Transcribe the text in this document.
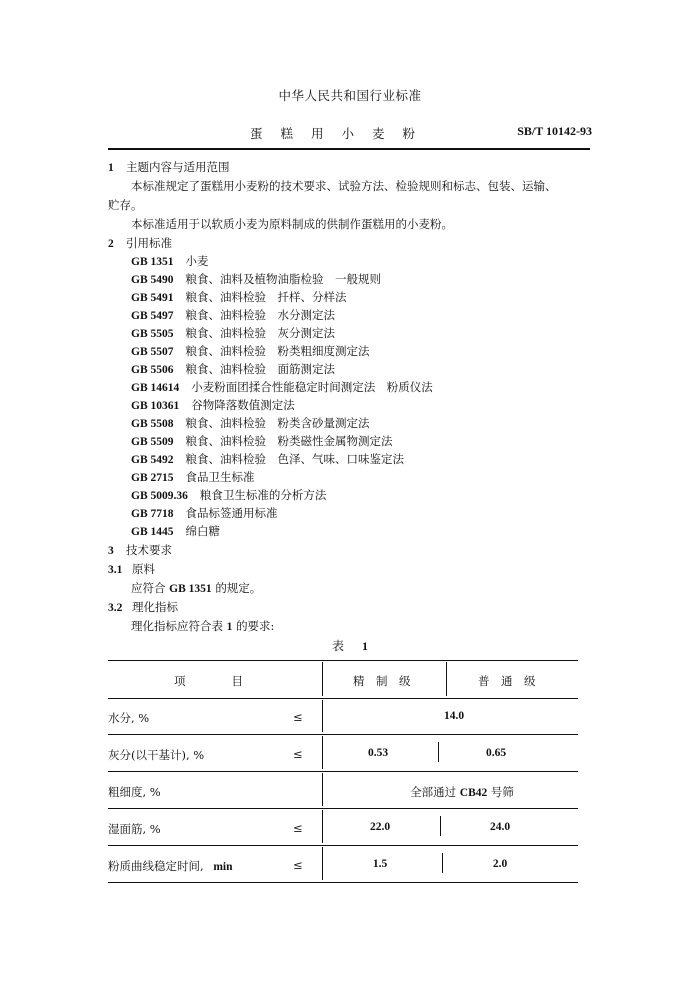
中华人民共和国行业标准
蛋糕用小麦粉	SB/T 10142-93
1 主题内容与适用范围
本标准规定了蛋糕用小麦粉的技术要求、试验方法、检验规则和标志、包装、运输、
贮存。
本标准适用于以软质小麦为原料制成的供制作蛋糕用的小麦粉。
2 引用标准
GB 1351 小麦
GB 5490 粮食、油料及植物油脂检验　一般规则
GB 5491 粮食、油料检验　扦样、分样法
GB 5497 粮食、油料检验　水分测定法
GB 5505 粮食、油料检验　灰分测定法
GB 5507 粮食、油料检验　粉类粗细度测定法
GB 5506 粮食、油料检验　面筋测定法
GB 14614 小麦粉面团揉合性能稳定时间测定法　粉质仪法
GB 10361 谷物降落数值测定法
GB 5508 粮食、油料检验　粉类含砂量测定法
GB 5509 粮食、油料检验　粉类磁性金属物测定法
GB 5492 粮食、油料检验　色泽、气味、口味鉴定法
GB 2715 食品卫生标准
GB 5009.36 粮食卫生标准的分析方法
GB 7718 食品标签通用标准
GB 1445 绵白糖
3 技术要求
3.1 原料
应符合 GB 1351 的规定。
3.2 理化指标
理化指标应符合表 1 的要求:
表 1
项　　　　目	精　制　级	普　通　级
水分, %	≤	14.0
灰分(以干基计), %	≤	0.53	0.65
粗细度, %	全部通过 CB42 号筛
湿面筋, %	≤	22.0	24.0
粉质曲线稳定时间, min	≤	1.5	2.0
